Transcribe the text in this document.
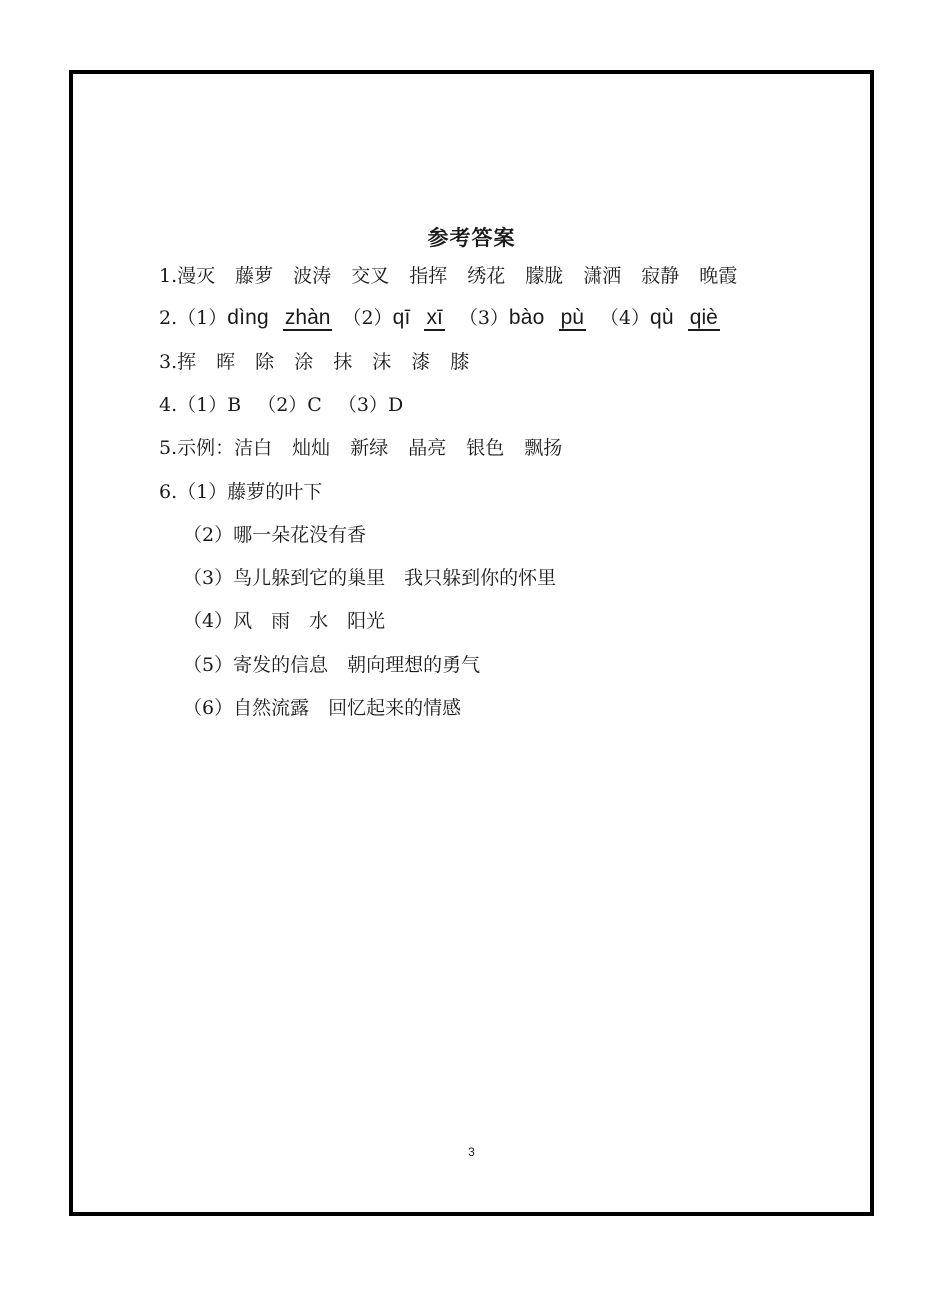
参考答案
1.漫灭 藤萝 波涛 交叉 指挥 绣花 朦胧 潇洒 寂静 晚霞
2.（1）dìng zhàn （2）qī xī （3）bào pù （4）qù qiè
3.挥 晖 除 涂 抹 沫 漆 膝
4.（1）B （2）C （3）D
5.示例：洁白 灿灿 新绿 晶亮 银色 飘扬
6.（1）藤萝的叶下
（2）哪一朵花没有香
（3）鸟儿躲到它的巢里　我只躲到你的怀里
（4）风　雨　水　阳光
（5）寄发的信息　朝向理想的勇气
（6）自然流露　回忆起来的情感
3
